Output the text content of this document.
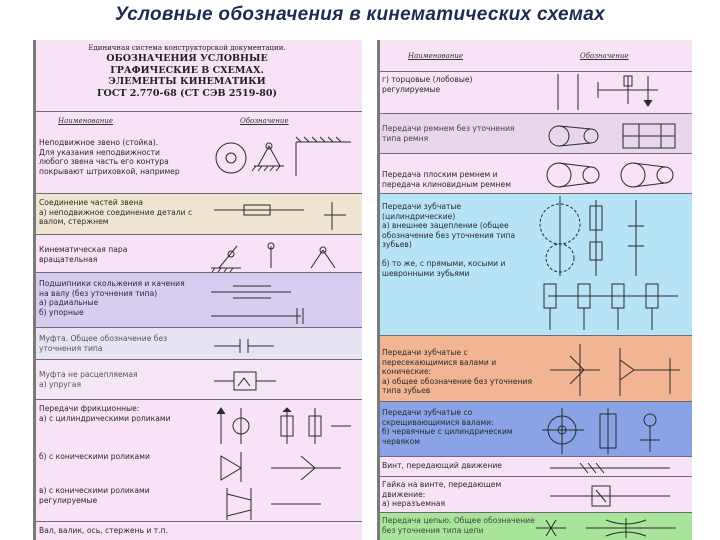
Условные обозначения в кинематических схемах
Единичная система конструкторской документации.
ОБОЗНАЧЕНИЯ УСЛОВНЫЕ
ГРАФИЧЕСКИЕ В СХЕМАХ.
ЭЛЕМЕНТЫ КИНЕМАТИКИ
ГОСТ 2.770-68 (СТ СЭВ 2519-80)
Наименование	Обозначение
Неподвижное звено (стойка).
Для указания неподвижности
любого звена часть его контура
покрывают штриховкой, например
Соединение частей звена
а) неподвижное соединение детали с
валом, стержнем
Кинематическая пара
вращательная
Подшипники скольжения и качения
на валу (без уточнения типа)
а) радиальные
б) упорные
Муфта. Общее обозначение без
уточнения типа
Муфта не расцепляемая
а) упругая
Передачи фрикционные:
а) с цилиндрическими роликами
б) с коническими роликами
в) с коническими роликами
регулируемые
Вал, валик, ось, стержень и т.п.
Наименование	Обозначение
г) торцовые (лобовые)
регулируемые
Передачи ремнем без уточнения
типа ремня
Передача плоским ремнем и
передача клиновидным ремнем
Передачи зубчатые
(цилиндрические)
а) внешнее зацепление (общее
обозначение без уточнения типа
зубьев)

б) то же, с прямыми, косыми и
шевронными зубьями
Передачи зубчатые с
пересекающимися валами и
конические:
а) общее обозначение без уточнения
типа зубьев
Передачи зубчатые со
скрещивающимися валами:
б) червячные с цилиндрическим
червяком
Винт, передающий движение
Гайка на винте, передающем
движение:
а) неразъемная
Передача цепью. Общее обозначение
без уточнения типа цепи
